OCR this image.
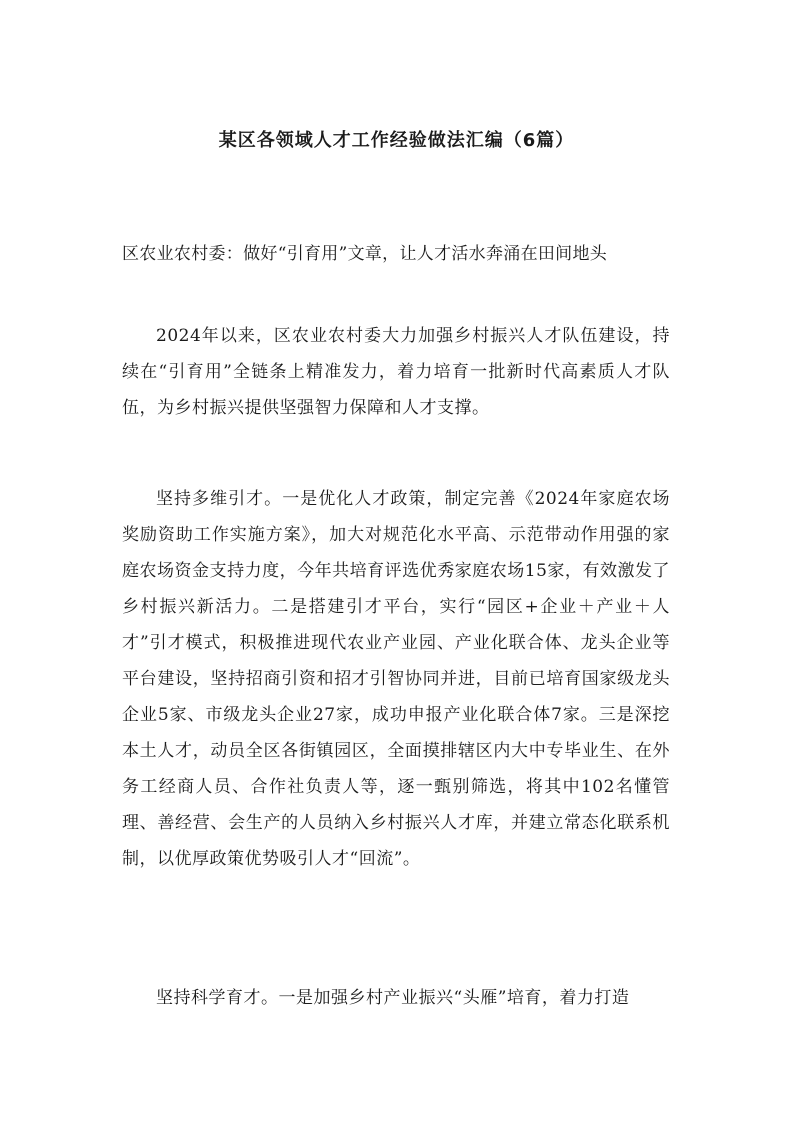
某区各领域人才工作经验做法汇编（6篇）
区农业农村委：做好“引育用”文章，让人才活水奔涌在田间地头

2024年以来，区农业农村委大力加强乡村振兴人才队伍建设，持续在“引育用”全链条上精准发力，着力培育一批新时代高素质人才队伍，为乡村振兴提供坚强智力保障和人才支撑。

坚持多维引才。一是优化人才政策，制定完善《2024年家庭农场奖励资助工作实施方案》，加大对规范化水平高、示范带动作用强的家庭农场资金支持力度，今年共培育评选优秀家庭农场15家，有效激发了乡村振兴新活力。二是搭建引才平台，实行“园区+企业＋产业＋人才”引才模式，积极推进现代农业产业园、产业化联合体、龙头企业等平台建设，坚持招商引资和招才引智协同并进，目前已培育国家级龙头企业5家、市级龙头企业27家，成功申报产业化联合体7家。三是深挖本土人才，动员全区各街镇园区，全面摸排辖区内大中专毕业生、在外务工经商人员、合作社负责人等，逐一甄别筛选，将其中102名懂管理、善经营、会生产的人员纳入乡村振兴人才库，并建立常态化联系机制，以优厚政策优势吸引人才“回流”。

坚持科学育才。一是加强乡村产业振兴“头雁”培育，着力打造
